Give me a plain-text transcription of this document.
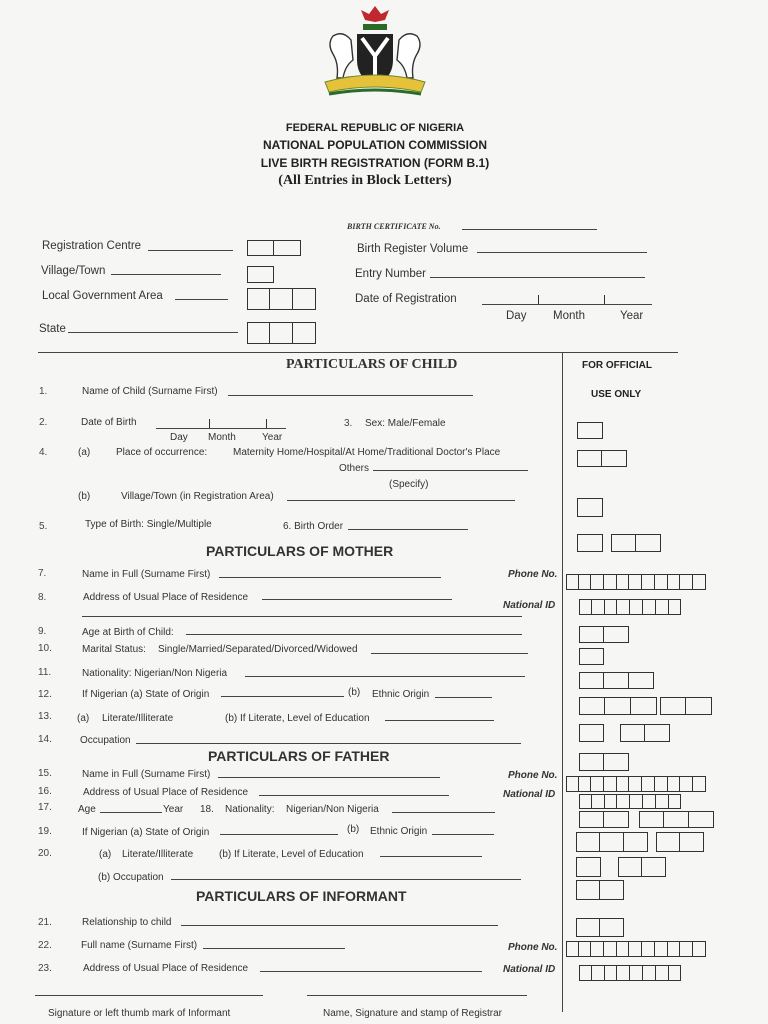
FEDERAL REPUBLIC OF NIGERIA
NATIONAL POPULATION COMMISSION
LIVE BIRTH REGISTRATION (FORM B.1)
(All Entries in Block Letters)
BIRTH CERTIFICATE No.
Registration Centre
Village/Town
Local Government Area
State
Birth Register Volume
Entry Number
Date of Registration
Day Month	Year
FOR OFFICIAL
USE ONLY
PARTICULARS OF CHILD
1.	Name of Child (Surname First)
2.	Date of Birth
Day Month	Year
3. Sex: Male/Female
4.	(a)	Place of occurrence:	Maternity Home/Hospital/At Home/Traditional Doctor's Place
Others
(Specify)
(b)	Village/Town (in Registration Area)
5.	Type of Birth: Single/Multiple	6. Birth Order
PARTICULARS OF MOTHER
7.	Name in Full (Surname First)	Phone No.
8.	Address of Usual Place of Residence
National ID
9.	Age at Birth of Child:
10.	Marital Status: Single/Married/Separated/Divorced/Widowed
11.	Nationality: Nigerian/Non Nigeria
12.	If Nigerian (a) State of Origin	(b) Ethnic Origin
13.	(a) Literate/Illiterate	(b) If Literate, Level of Education
14.	Occupation
PARTICULARS OF FATHER
15.	Name in Full (Surname First)	Phone No.
16.	Address of Usual Place of Residence	National ID
17.	Age	Year 18. Nationality: Nigerian/Non Nigeria
19.	If Nigerian (a) State of Origin	(b) Ethnic Origin
20.	(a) Literate/Illiterate	(b) If Literate, Level of Education
(b) Occupation
PARTICULARS OF INFORMANT
21.	Relationship to child
22.	Full name (Surname First)	Phone No.
23.	Address of Usual Place of Residence	National ID
Signature or left thumb mark of Informant	Name, Signature and stamp of Registrar
